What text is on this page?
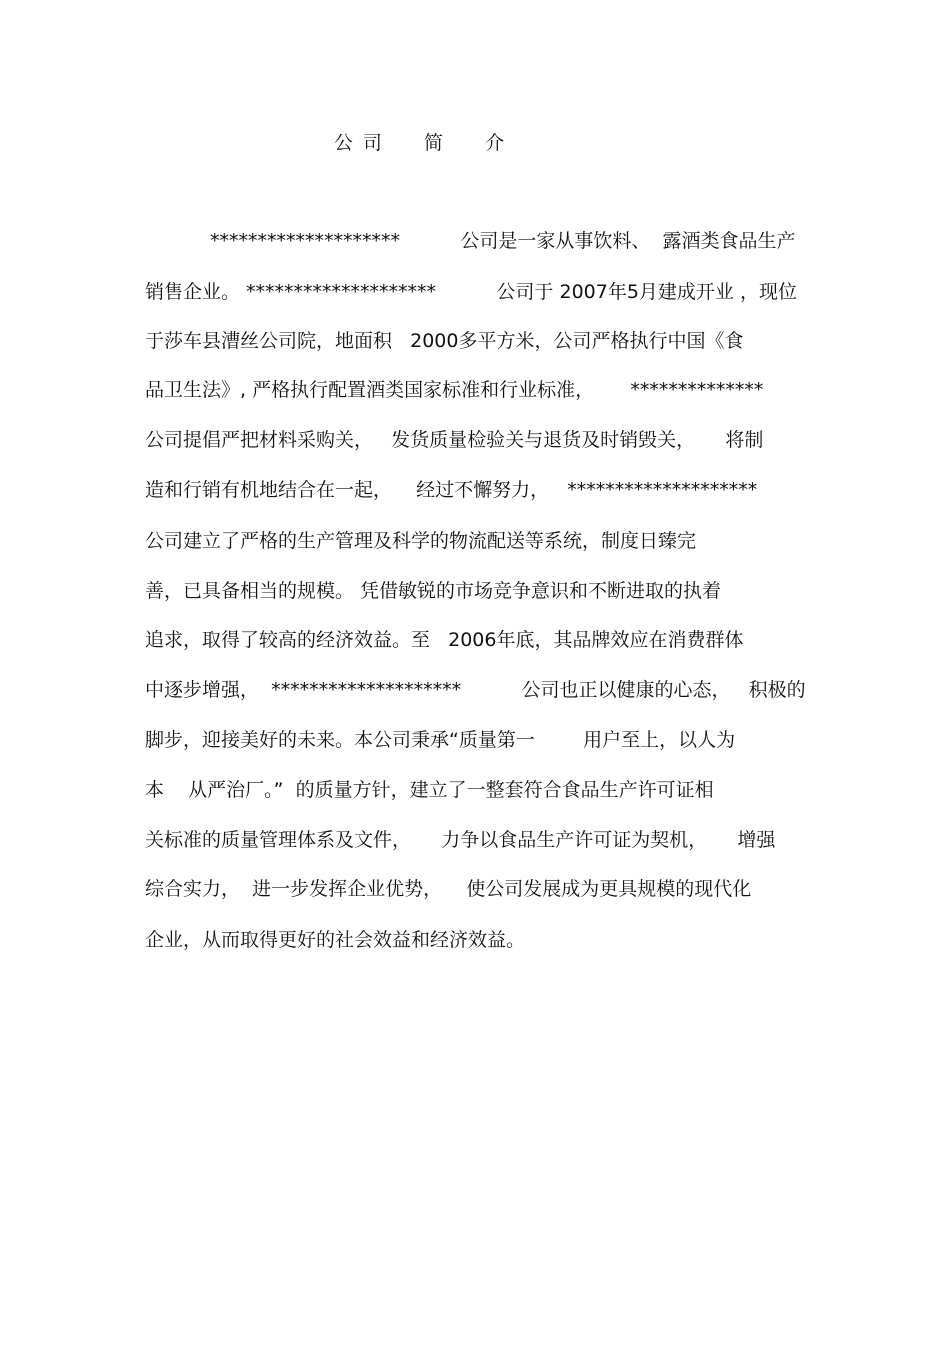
公司  简  介
********************          公司是一家从事饮料、  露酒类食品生产
销售企业。 ********************          公司于 2007年5月建成开业 ，现位
于莎车县漕丝公司院，地面积   2000多平方米，公司严格执行中国《食
品卫生法》, 严格执行配置酒类国家标准和行业标准，      **************
公司提倡严把材料采购关，   发货质量检验关与退货及时销毁关，     将制
造和行销有机地结合在一起，    经过不懈努力，   ********************
公司建立了严格的生产管理及科学的物流配送等系统，制度日臻完
善，已具备相当的规模。 凭借敏锐的市场竞争意识和不断进取的执着
追求，取得了较高的经济效益。至   2006年底，其品牌效应在消费群体
中逐步增强，  ********************          公司也正以健康的心态，   积极的
脚步，迎接美好的未来。本公司秉承“质量第一        用户至上，以人为
本    从严治厂。”  的质量方针，建立了一整套符合食品生产许可证相
关标准的质量管理体系及文件，     力争以食品生产许可证为契机，     增强
综合实力，  进一步发挥企业优势，    使公司发展成为更具规模的现代化
企业，从而取得更好的社会效益和经济效益。
